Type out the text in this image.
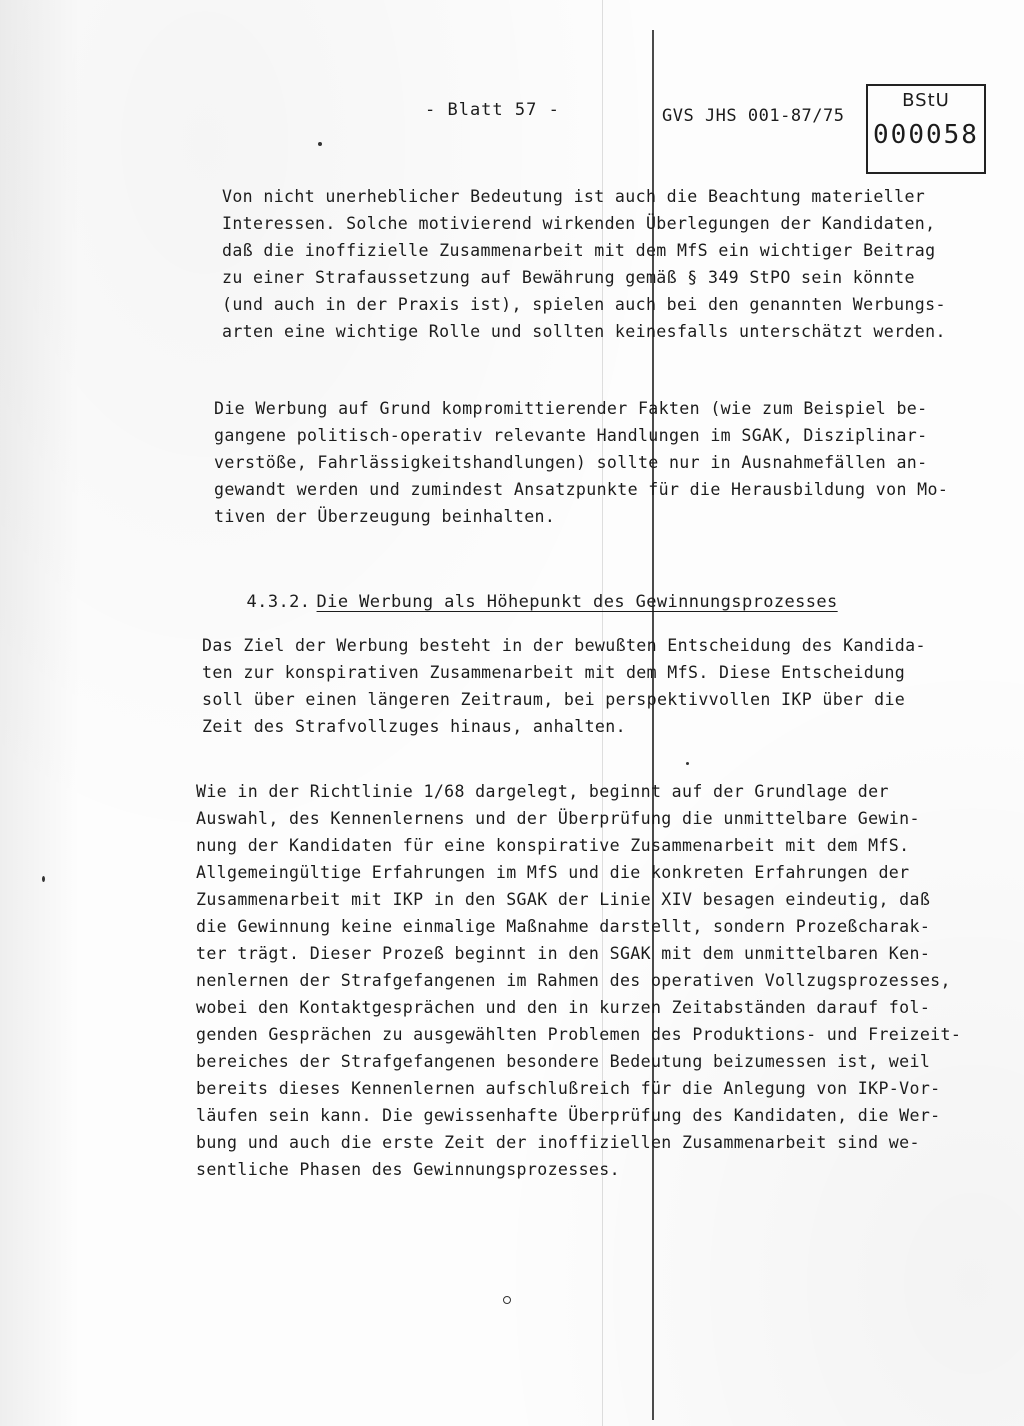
- Blatt 57 -	GVS JHS 001-87/75
BStU
000058
Von nicht unerheblicher Bedeutung ist auch die Beachtung materieller
Interessen. Solche motivierend wirkenden Überlegungen der Kandidaten,
daß die inoffizielle Zusammenarbeit mit dem MfS ein wichtiger Beitrag
zu einer Strafaussetzung auf Bewährung gemäß § 349 StPO sein könnte
(und auch in der Praxis ist), spielen auch bei den genannten Werbungs-
arten eine wichtige Rolle und sollten keinesfalls unterschätzt werden.
Die Werbung auf Grund kompromittierender Fakten (wie zum Beispiel be-
gangene politisch-operativ relevante Handlungen im SGAK, Disziplinar-
verstöße, Fahrlässigkeitshandlungen) sollte nur in Ausnahmefällen an-
gewandt werden und zumindest Ansatzpunkte für die Herausbildung von Mo-
tiven der Überzeugung beinhalten.

4.3.2. Die Werbung als Höhepunkt des Gewinnungsprozesses

Das Ziel der Werbung besteht in der bewußten Entscheidung des Kandida-
ten zur konspirativen Zusammenarbeit mit dem MfS. Diese Entscheidung
soll über einen längeren Zeitraum, bei perspektivvollen IKP über die
Zeit des Strafvollzuges hinaus, anhalten.
Wie in der Richtlinie 1/68 dargelegt, beginnt auf der Grundlage der
Auswahl, des Kennenlernens und der Überprüfung die unmittelbare Gewin-
nung der Kandidaten für eine konspirative Zusammenarbeit mit dem MfS.
Allgemeingültige Erfahrungen im MfS und die konkreten Erfahrungen der
Zusammenarbeit mit IKP in den SGAK der Linie XIV besagen eindeutig, daß
die Gewinnung keine einmalige Maßnahme darstellt, sondern Prozeßcharak-
ter trägt. Dieser Prozeß beginnt in den SGAK mit dem unmittelbaren Ken-
nenlernen der Strafgefangenen im Rahmen des operativen Vollzugsprozesses,
wobei den Kontaktgesprächen und den in kurzen Zeitabständen darauf fol-
genden Gesprächen zu ausgewählten Problemen des Produktions- und Freizeit-
bereiches der Strafgefangenen besondere Bedeutung beizumessen ist, weil
bereits dieses Kennenlernen aufschlußreich für die Anlegung von IKP-Vor-
läufen sein kann. Die gewissenhafte Überprüfung des Kandidaten, die Wer-
bung und auch die erste Zeit der inoffiziellen Zusammenarbeit sind we-
sentliche Phasen des Gewinnungsprozesses.
